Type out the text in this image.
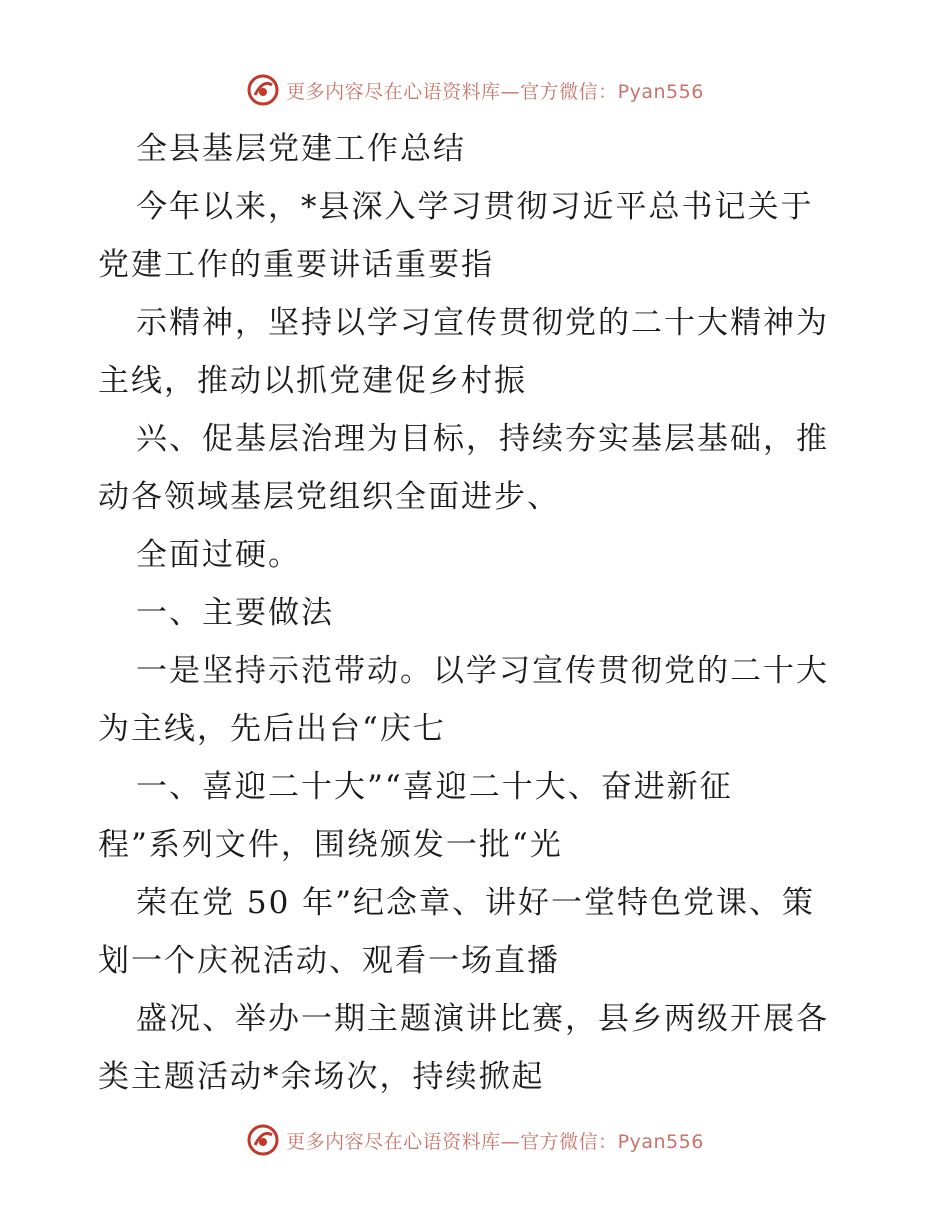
更多内容尽在心语资料库—官方微信：Pyan556
全县基层党建工作总结
今年以来，*县深入学习贯彻习近平总书记关于
党建工作的重要讲话重要指
示精神，坚持以学习宣传贯彻党的二十大精神为
主线，推动以抓党建促乡村振
兴、促基层治理为目标，持续夯实基层基础，推
动各领域基层党组织全面进步、
全面过硬。
一、主要做法
一是坚持示范带动。以学习宣传贯彻党的二十大
为主线，先后出台“庆七
一、喜迎二十大”“喜迎二十大、奋进新征
程”系列文件，围绕颁发一批“光
荣在党 50 年”纪念章、讲好一堂特色党课、策
划一个庆祝活动、观看一场直播
盛况、举办一期主题演讲比赛，县乡两级开展各
类主题活动*余场次，持续掀起
更多内容尽在心语资料库—官方微信：Pyan556
